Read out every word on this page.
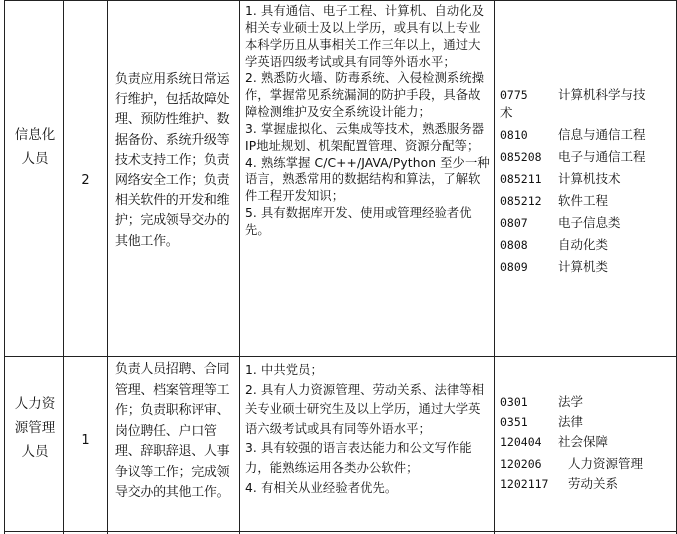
信息化人员
2
负责应用系统日常运行维护，包括故障处理、预防性维护、数据备份、系统升级等技术支持工作；负责网络安全工作；负责相关软件的开发和维护；完成领导交办的其他工作。

1. 具有通信、电子工程、计算机、自动化及相关专业硕士及以上学历，或具有以上专业本科学历且从事相关工作三年以上，通过大学英语四级考试或具有同等外语水平；

2. 熟悉防火墙、防毒系统、入侵检测系统操作，掌握常见系统漏洞的防护手段，具备故障检测维护及安全系统设计能力；

3. 掌握虚拟化、云集成等技术，熟悉服务器 IP地址规划、机架配置管理、资源分配等；

4. 熟练掌握 C/C++/JAVA/Python 至少一种语言，熟悉常用的数据结构和算法，了解软件工程开发知识；

5. 具有数据库开发、使用或管理经验者优先。

0775 计算机科学与技
术
0810 信息与通信工程
085208 电子与通信工程
085211 计算机技术
085212 软件工程
0807 电子信息类
0808 自动化类
0809 计算机类
人力资源管理人员
1
负责人员招聘、合同管理、档案管理等工作；负责职称评审、岗位聘任、户口管理、辞职辞退、人事争议等工作；完成领导交办的其他工作。

1. 中共党员；

2. 具有人力资源管理、劳动关系、法律等相关专业硕士研究生及以上学历，通过大学英语六级考试或具有同等外语水平；

3. 具有较强的语言表达能力和公文写作能力，能熟练运用各类办公软件；

4. 有相关从业经验者优先。

0301 法学
0351 法律
120404 社会保障
120206 人力资源管理
1202117 劳动关系
